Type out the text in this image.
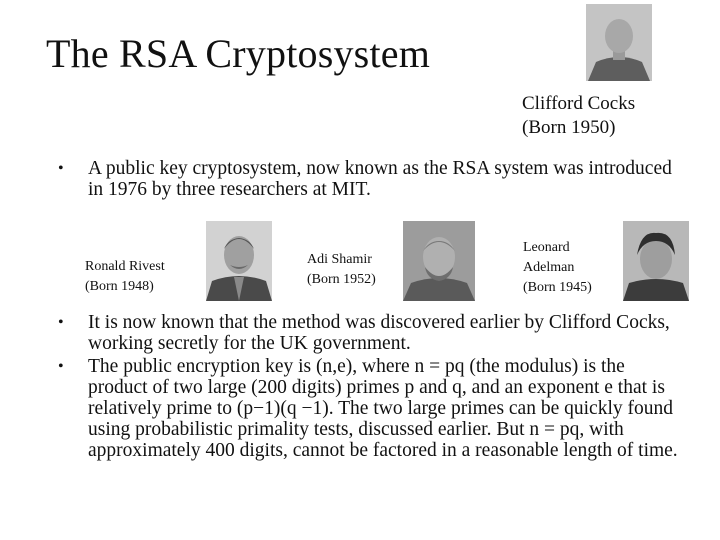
The RSA Cryptosystem
Clifford Cocks
(Born 1950)
• A public key cryptosystem, now known as the RSA system was introduced in 1976 by three researchers at MIT.
Ronald Rivest
(Born 1948)
Adi Shamir
(Born 1952)
Leonard
Adelman
(Born 1945)
• It is now known that the method was discovered earlier by Clifford Cocks, working secretly for the UK government.
• The public encryption key is (n,e), where n = pq (the modulus) is the product of two large (200 digits) primes p and q, and an exponent e that is relatively prime to (p−1)(q −1). The two large primes can be quickly found using probabilistic primality tests, discussed earlier. But n = pq, with approximately 400 digits, cannot be factored in a reasonable length of time.
